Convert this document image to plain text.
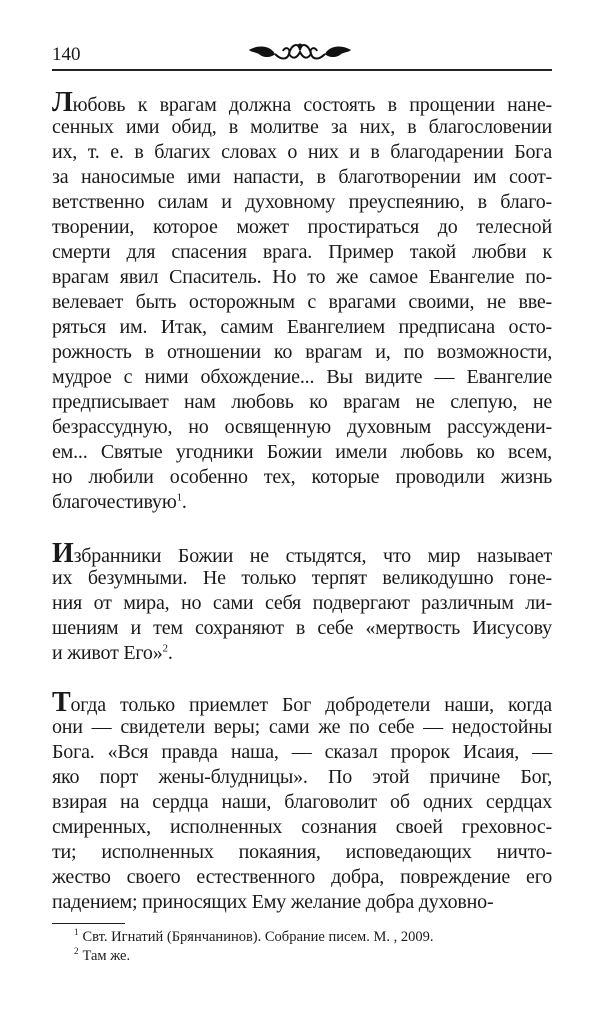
140
Любовь к врагам должна состоять в прощении нане-
сенных ими обид, в молитве за них, в благословении
их, т. е. в благих словах о них и в благодарении Бога
за наносимые ими напасти, в благотворении им соот-
ветственно силам и духовному преуспеянию, в благо-
творении, которое может простираться до телесной
смерти для спасения врага. Пример такой любви к
врагам явил Спаситель. Но то же самое Евангелие по-
велевает быть осторожным с врагами своими, не вве-
ряться им. Итак, самим Евангелием предписана осто-
рожность в отношении ко врагам и, по возможности,
мудрое с ними обхождение... Вы видите — Евангелие
предписывает нам любовь ко врагам не слепую, не
безрассудную, но освященную духовным рассуждени-
ем... Святые угодники Божии имели любовь ко всем,
но любили особенно тех, которые проводили жизнь
благочестивую$^1$.
Избранники Божии не стыдятся, что мир называет
их безумными. Не только терпят великодушно гоне-
ния от мира, но сами себя подвергают различным ли-
шениям и тем сохраняют в себе «мертвость Иисусову
и живот Его»$^2$.
Тогда только приемлет Бог добродетели наши, когда
они — свидетели веры; сами же по себе — недостойны
Бога. «Вся правда наша, — сказал пророк Исаия, —
яко порт жены-блудницы». По этой причине Бог,
взирая на сердца наши, благоволит об одних сердцах
смиренных, исполненных сознания своей греховнос-
ти; исполненных покаяния, исповедающих ничто-
жество своего естественного добра, повреждение его
падением; приносящих Ему желание добра духовно-
$^1$ Свт. Игнатий (Брянчанинов). Собрание писем. М. , 2009.
$^2$ Там же.
